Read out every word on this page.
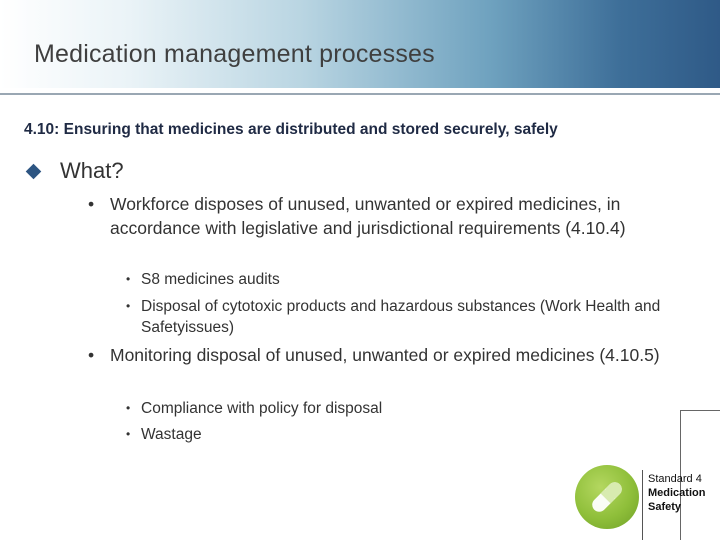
Medication management processes
4.10: Ensuring that medicines are distributed and stored securely, safely
What?
• Workforce disposes of unused, unwanted or expired medicines, in accordance with legislative and jurisdictional requirements (4.10.4)
• S8 medicines audits
• Disposal of cytotoxic products and hazardous substances (Work Health and Safetyissues)
• Monitoring disposal of unused, unwanted or expired medicines (4.10.5)
• Compliance with policy for disposal
• Wastage
Standard 4
Medication
Safety
